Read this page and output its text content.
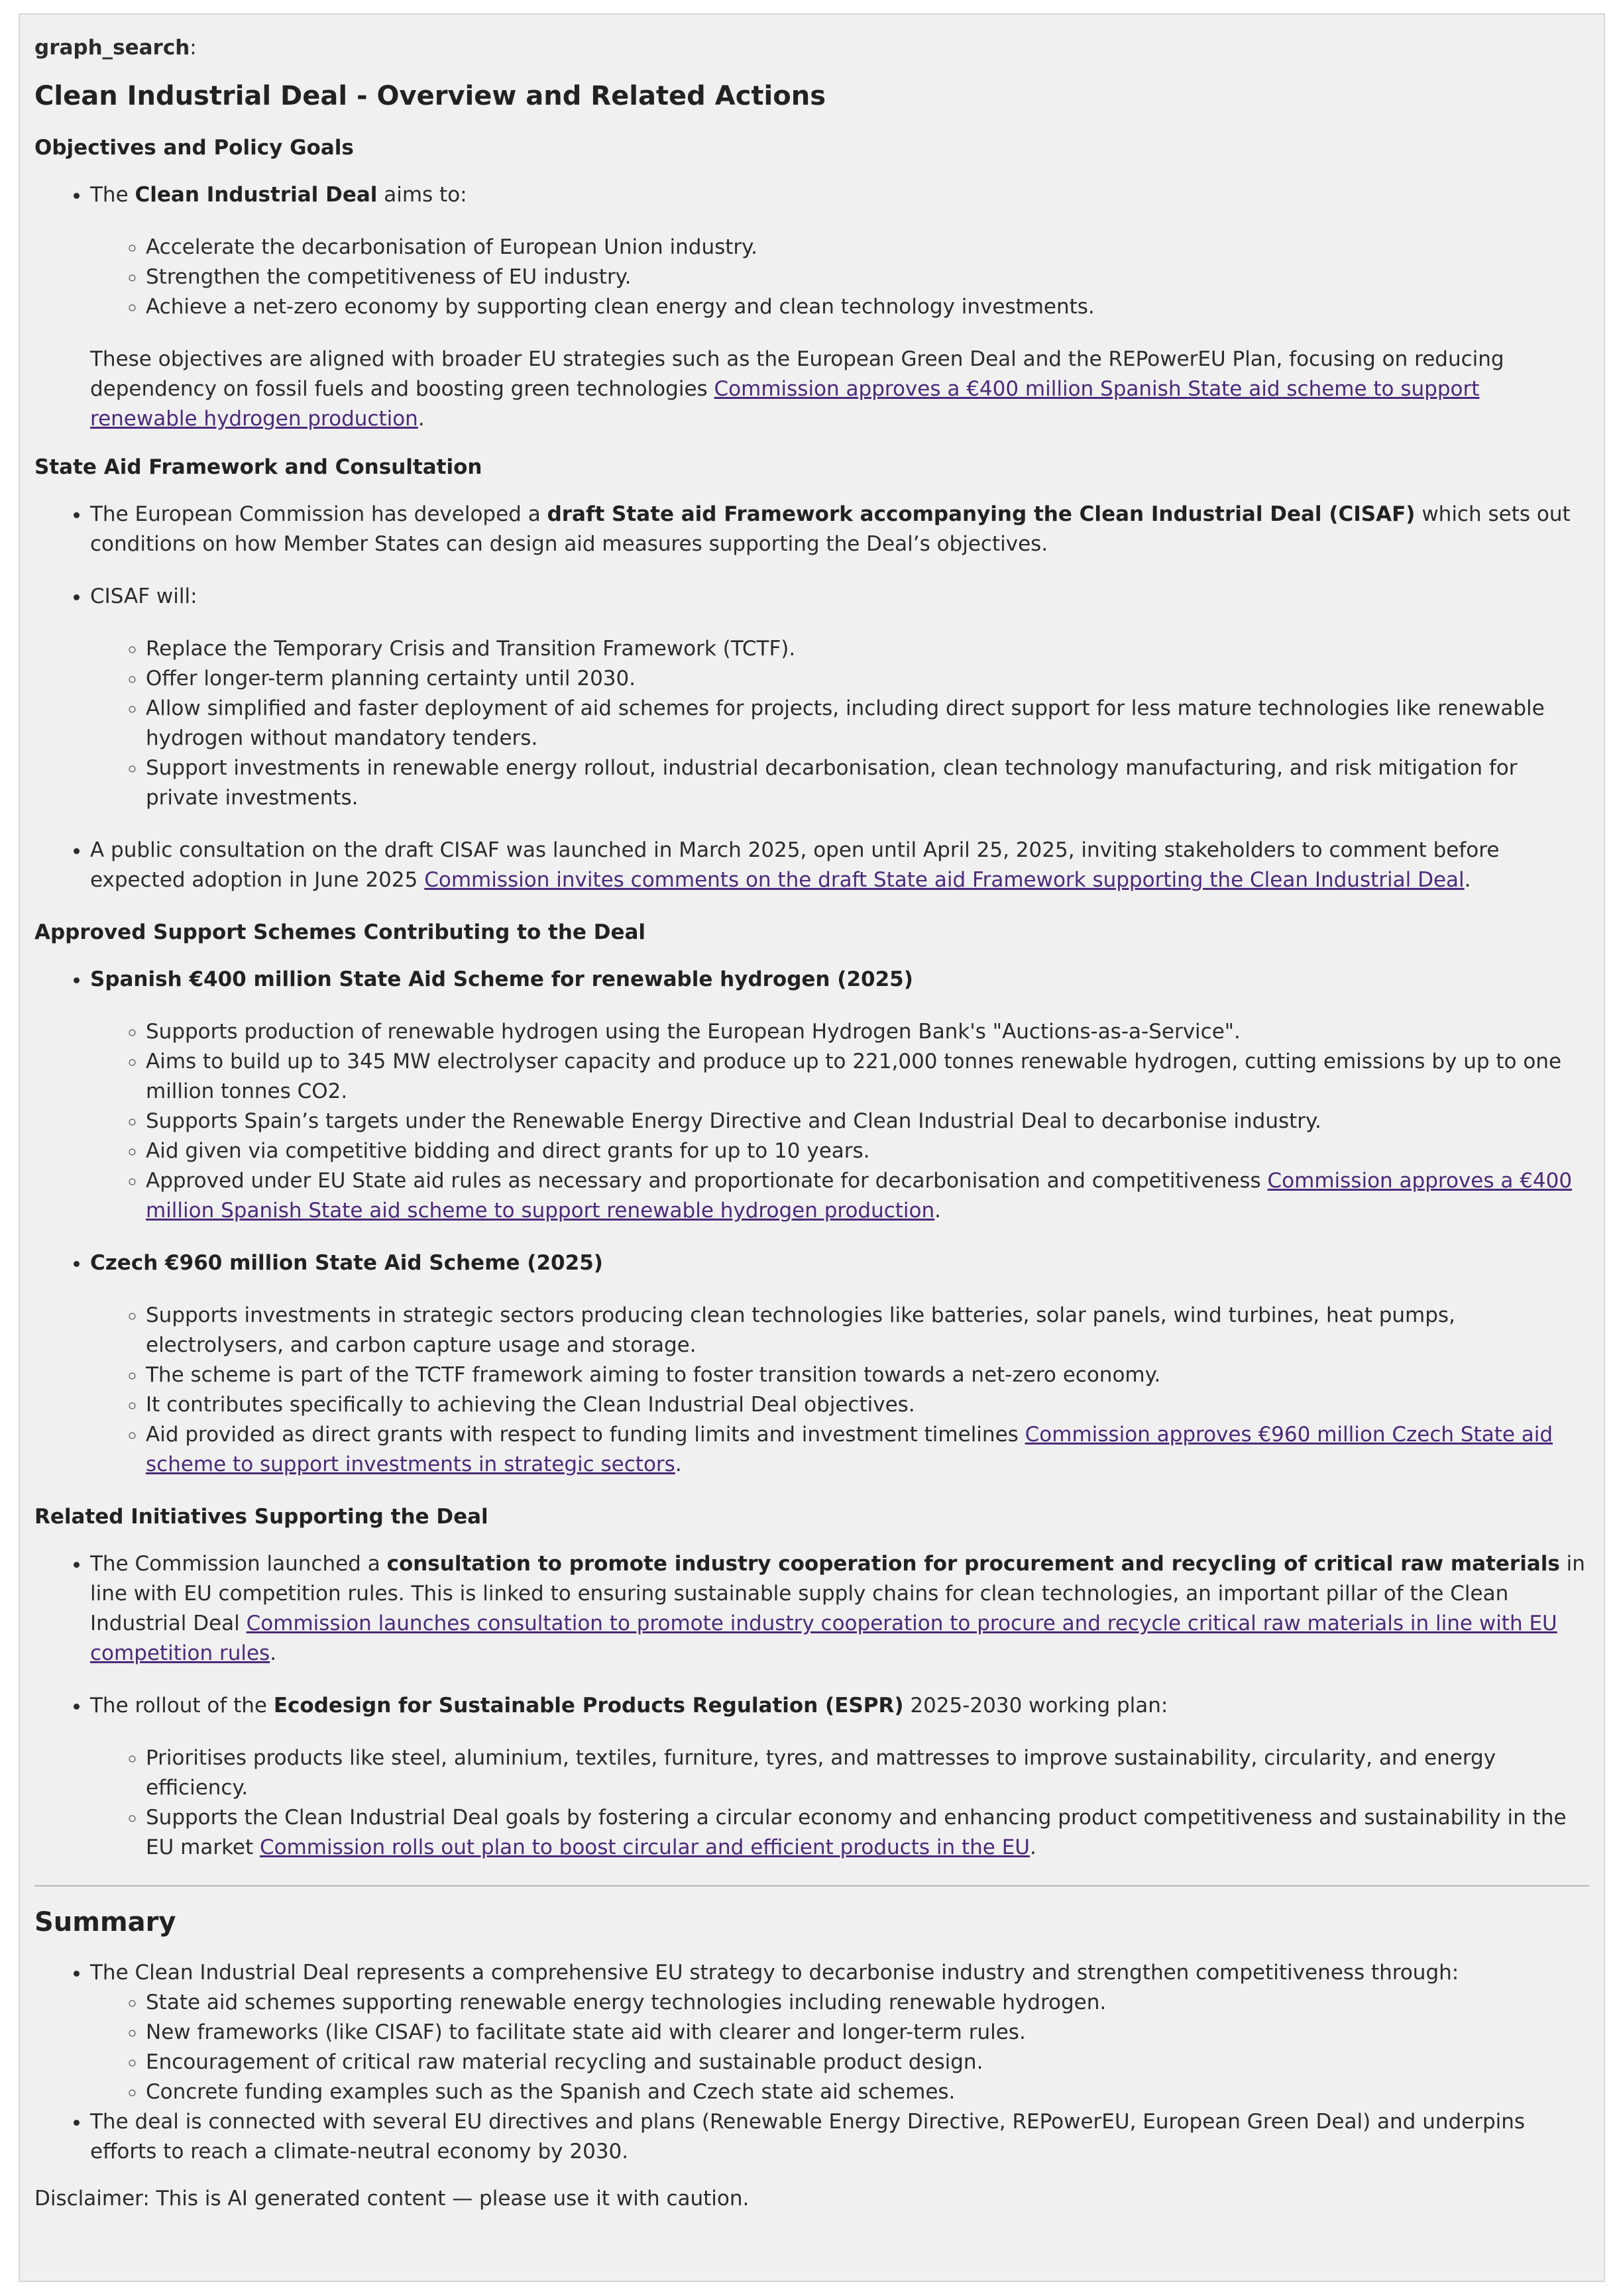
graph_search:
Clean Industrial Deal - Overview and Related Actions
Objectives and Policy Goals
• The Clean Industrial Deal aims to:
◦ Accelerate the decarbonisation of European Union industry.
◦ Strengthen the competitiveness of EU industry.
◦ Achieve a net-zero economy by supporting clean energy and clean technology investments.

These objectives are aligned with broader EU strategies such as the European Green Deal and the REPowerEU Plan, focusing on reducing dependency on fossil fuels and boosting green technologies Commission approves a €400 million Spanish State aid scheme to support renewable hydrogen production.

State Aid Framework and Consultation
• The European Commission has developed a draft State aid Framework accompanying the Clean Industrial Deal (CISAF) which sets out conditions on how Member States can design aid measures supporting the Deal’s objectives.
• CISAF will:
◦ Replace the Temporary Crisis and Transition Framework (TCTF).
◦ Offer longer-term planning certainty until 2030.
◦ Allow simplified and faster deployment of aid schemes for projects, including direct support for less mature technologies like renewable hydrogen without mandatory tenders.
◦ Support investments in renewable energy rollout, industrial decarbonisation, clean technology manufacturing, and risk mitigation for private investments.
• A public consultation on the draft CISAF was launched in March 2025, open until April 25, 2025, inviting stakeholders to comment before expected adoption in June 2025 Commission invites comments on the draft State aid Framework supporting the Clean Industrial Deal.
Approved Support Schemes Contributing to the Deal
• Spanish €400 million State Aid Scheme for renewable hydrogen (2025)
◦ Supports production of renewable hydrogen using the European Hydrogen Bank's "Auctions-as-a-Service".
◦ Aims to build up to 345 MW electrolyser capacity and produce up to 221,000 tonnes renewable hydrogen, cutting emissions by up to one million tonnes CO2.
◦ Supports Spain’s targets under the Renewable Energy Directive and Clean Industrial Deal to decarbonise industry.
◦ Aid given via competitive bidding and direct grants for up to 10 years.
◦ Approved under EU State aid rules as necessary and proportionate for decarbonisation and competitiveness Commission approves a €400 million Spanish State aid scheme to support renewable hydrogen production.
• Czech €960 million State Aid Scheme (2025)
◦ Supports investments in strategic sectors producing clean technologies like batteries, solar panels, wind turbines, heat pumps, electrolysers, and carbon capture usage and storage.
◦ The scheme is part of the TCTF framework aiming to foster transition towards a net-zero economy.
◦ It contributes specifically to achieving the Clean Industrial Deal objectives.
◦ Aid provided as direct grants with respect to funding limits and investment timelines Commission approves €960 million Czech State aid scheme to support investments in strategic sectors.
Related Initiatives Supporting the Deal
• The Commission launched a consultation to promote industry cooperation for procurement and recycling of critical raw materials in line with EU competition rules. This is linked to ensuring sustainable supply chains for clean technologies, an important pillar of the Clean Industrial Deal Commission launches consultation to promote industry cooperation to procure and recycle critical raw materials in line with EU competition rules.
• The rollout of the Ecodesign for Sustainable Products Regulation (ESPR) 2025-2030 working plan:
◦ Prioritises products like steel, aluminium, textiles, furniture, tyres, and mattresses to improve sustainability, circularity, and energy efficiency.
◦ Supports the Clean Industrial Deal goals by fostering a circular economy and enhancing product competitiveness and sustainability in the EU market Commission rolls out plan to boost circular and efficient products in the EU.
Summary
• The Clean Industrial Deal represents a comprehensive EU strategy to decarbonise industry and strengthen competitiveness through:
◦ State aid schemes supporting renewable energy technologies including renewable hydrogen.
◦ New frameworks (like CISAF) to facilitate state aid with clearer and longer-term rules.
◦ Encouragement of critical raw material recycling and sustainable product design.
◦ Concrete funding examples such as the Spanish and Czech state aid schemes.
• The deal is connected with several EU directives and plans (Renewable Energy Directive, REPowerEU, European Green Deal) and underpins efforts to reach a climate-neutral economy by 2030.

Disclaimer: This is AI generated content — please use it with caution.
